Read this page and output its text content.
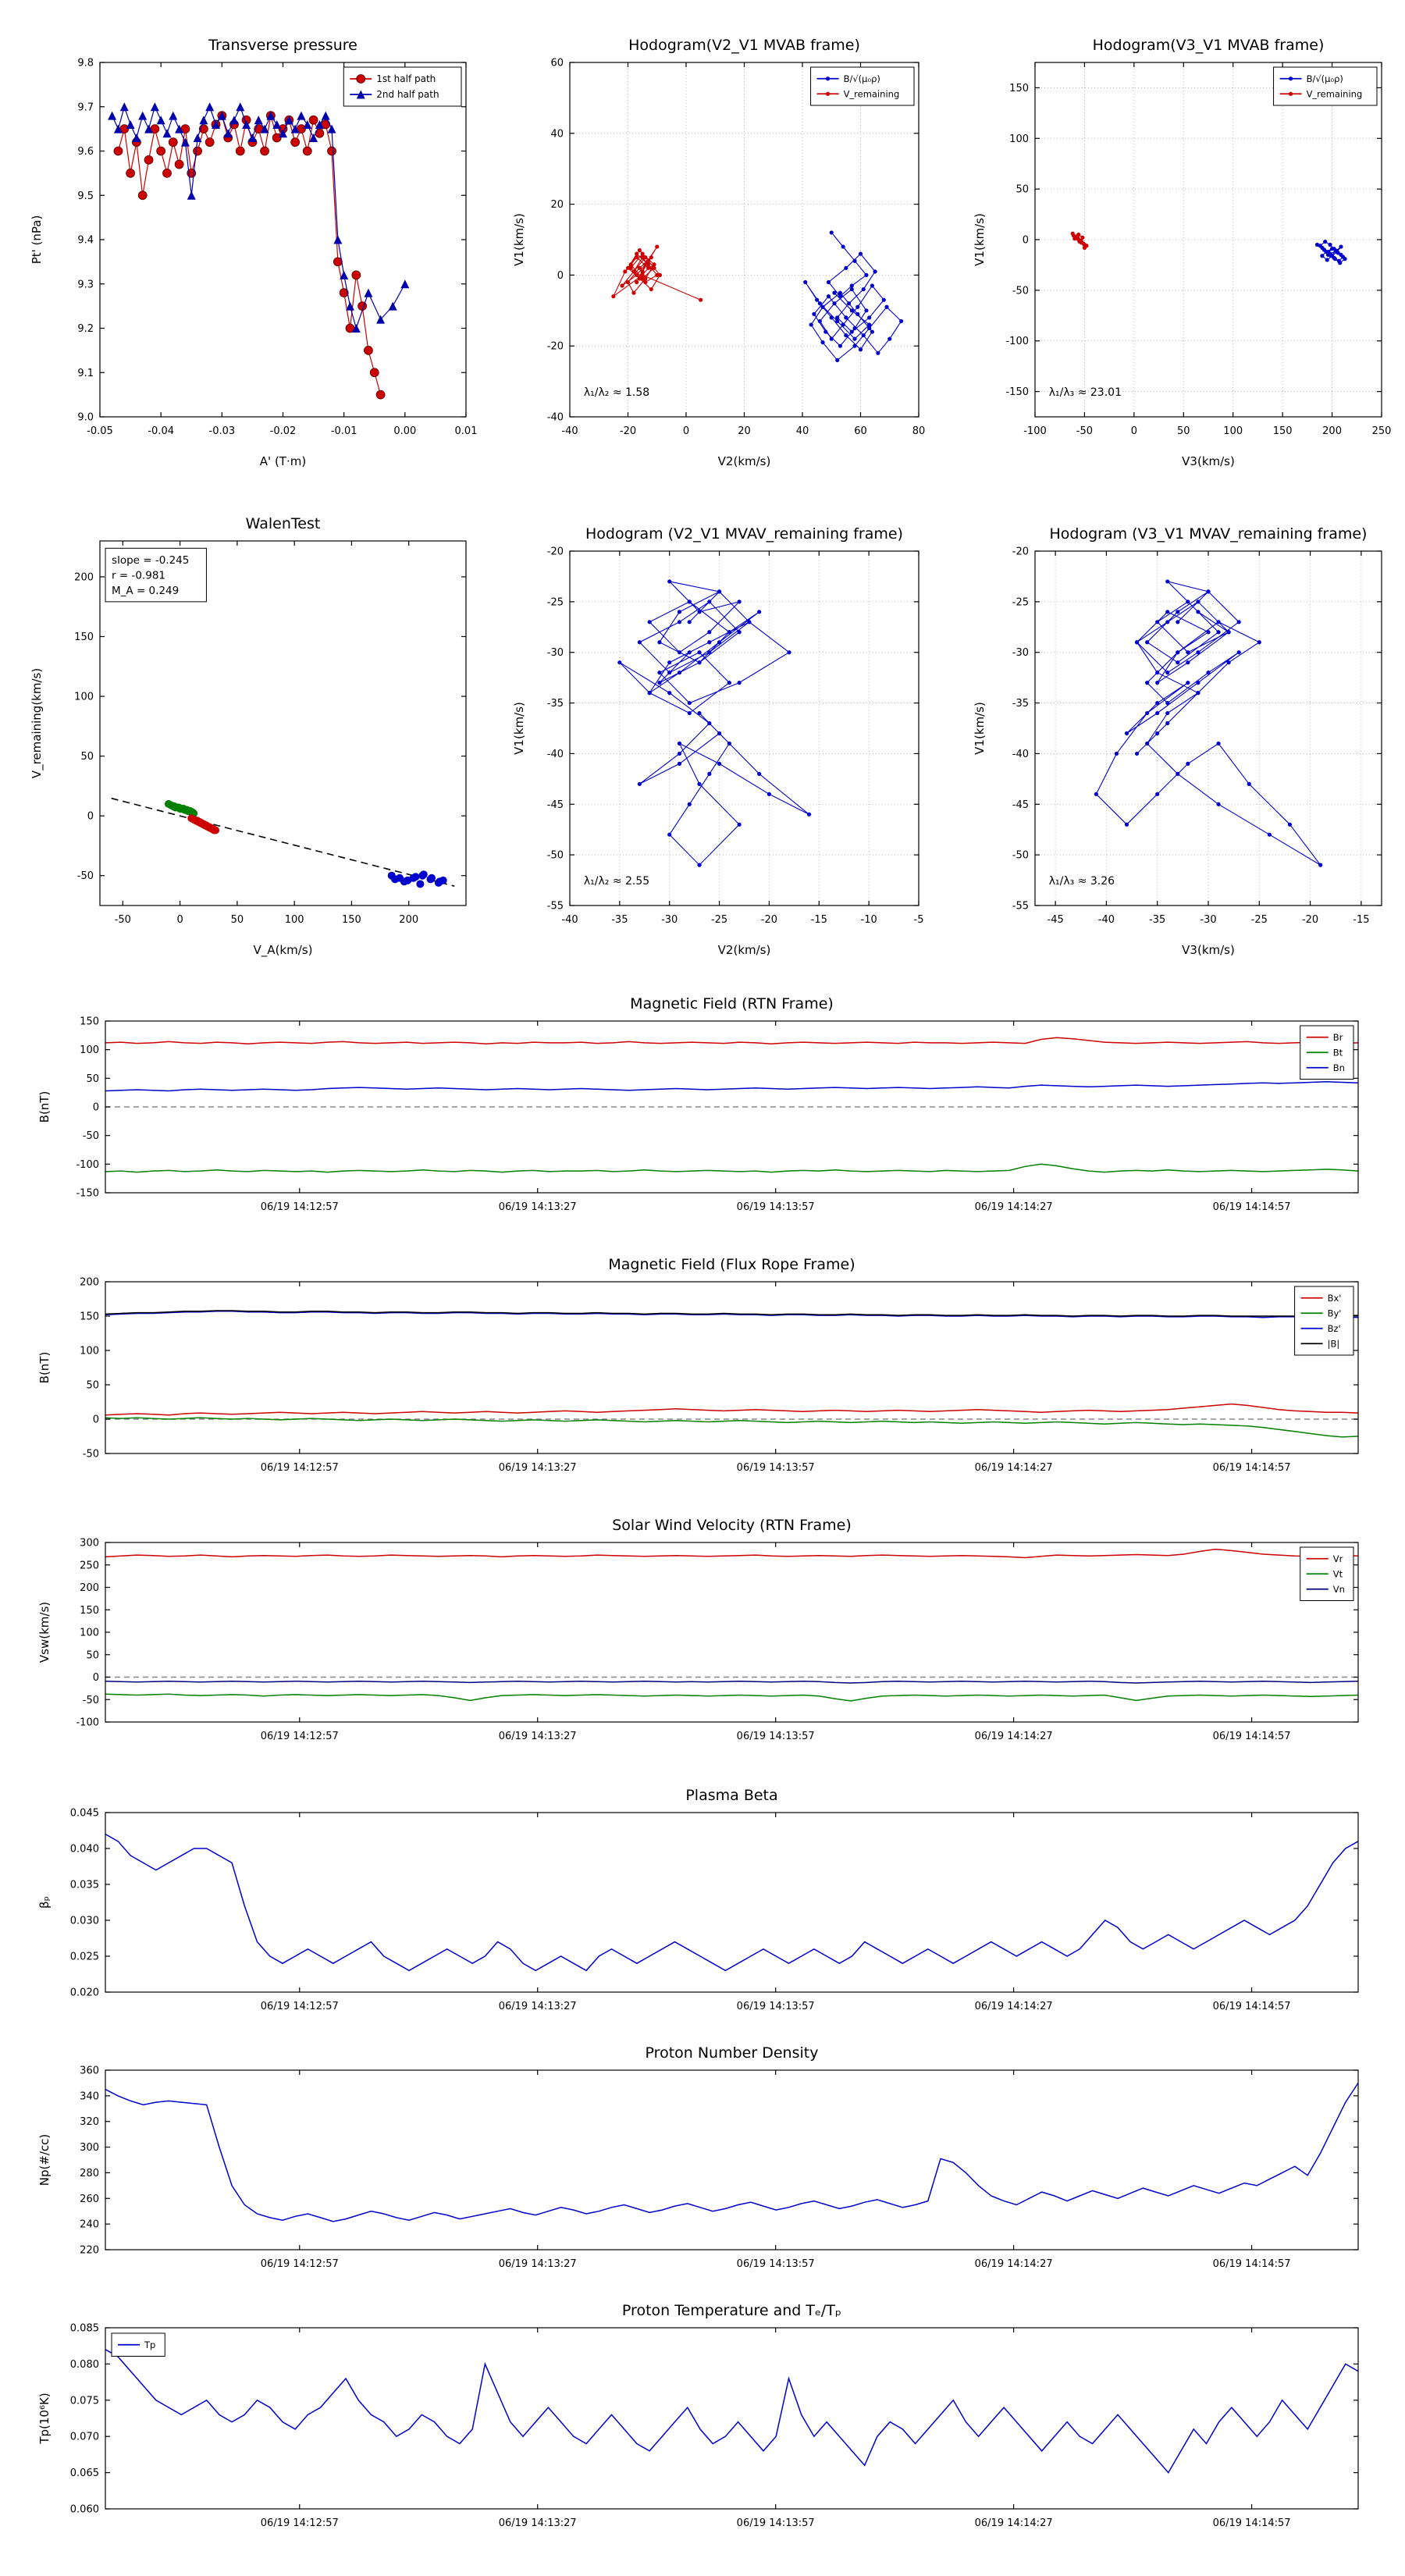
-0.05	-0.04	-0.03	-0.02	-0.01	0.00	0.01
9.0
9.1
9.2
9.3
9.4
9.5
9.6
9.7
9.8
Transverse pressure
A' (T·m)
Pt' (nPa)
1st half path
2nd half path
-40	-20	0	20	40	60	80
-40
-20
0
20
40
60
Hodogram(V2_V1 MVAB frame)
V2(km/s)
V1(km/s)
B/√(μ₀ρ)
V_remaining
λ₁/λ₂ ≈ 1.58
-100	-50	0	50	100	150	200	250
-150
-100
-50
0
50
100
150
Hodogram(V3_V1 MVAB frame)
V3(km/s)
V1(km/s)
B/√(μ₀ρ)
V_remaining
λ₁/λ₃ ≈ 23.01
-50	0	50	100	150	200
-50
0
50
100
150
200
WalenTest
V_A(km/s)
V_remaining(km/s)
slope = -0.245
r = -0.981
M_A = 0.249
-40	-35	-30	-25	-20	-15	-10	-5
-55
-50
-45
-40
-35
-30
-25
-20
Hodogram (V2_V1 MVAV_remaining frame)
V2(km/s)
V1(km/s)
λ₁/λ₂ ≈ 2.55
-45	-40	-35	-30	-25	-20	-15
-55
-50
-45
-40
-35
-30
-25
-20
Hodogram (V3_V1 MVAV_remaining frame)
V3(km/s)
V1(km/s)
λ₁/λ₃ ≈ 3.26
06/19 14:12:57	06/19 14:13:27	06/19 14:13:57	06/19 14:14:27	06/19 14:14:57
-150
-100
-50
0
50
100
150
Magnetic Field (RTN Frame)
B(nT)
Br
Bt
Bn
06/19 14:12:57	06/19 14:13:27	06/19 14:13:57	06/19 14:14:27	06/19 14:14:57
-50
0
50
100
150
200
Magnetic Field (Flux Rope Frame)
B(nT)
Bx'
By'
Bz'
|B|
06/19 14:12:57	06/19 14:13:27	06/19 14:13:57	06/19 14:14:27	06/19 14:14:57
-100
-50
0
50
100
150
200
250
300
Solar Wind Velocity (RTN Frame)
Vsw(km/s)
Vr
Vt
Vn
06/19 14:12:57	06/19 14:13:27	06/19 14:13:57	06/19 14:14:27	06/19 14:14:57
0.020
0.025
0.030
0.035
0.040
0.045
Plasma Beta
βₚ
06/19 14:12:57	06/19 14:13:27	06/19 14:13:57	06/19 14:14:27	06/19 14:14:57
220
240
260
280
300
320
340
360
Proton Number Density
Np(#/cc)
06/19 14:12:57	06/19 14:13:27	06/19 14:13:57	06/19 14:14:27	06/19 14:14:57
0.060
0.065
0.070
0.075
0.080
0.085
Proton Temperature and Tₑ/Tₚ
Tp(10⁶K)
Tp
